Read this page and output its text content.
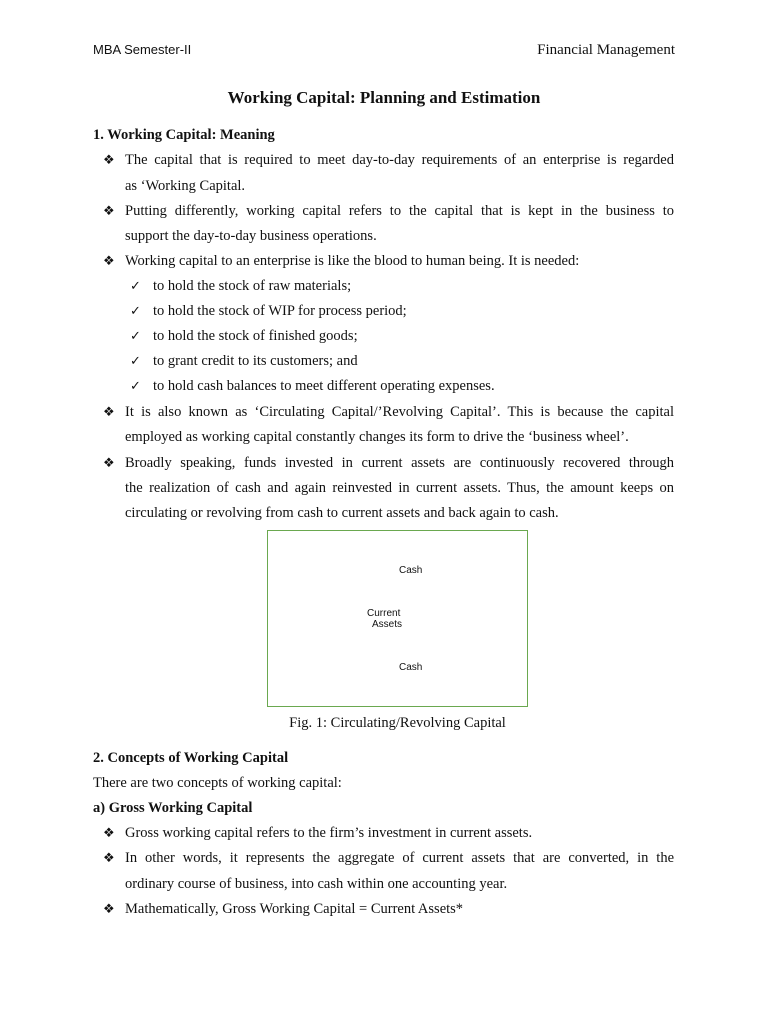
MBA Semester-II	Financial Management
Working Capital: Planning and Estimation
1. Working Capital: Meaning
❖ The capital that is required to meet day-to-day requirements of an enterprise is regarded
as ‘Working Capital.
❖ Putting differently, working capital refers to the capital that is kept in the business to
support the day-to-day business operations.
❖ Working capital to an enterprise is like the blood to human being. It is needed:
✓ to hold the stock of raw materials;
✓ to hold the stock of WIP for process period;
✓ to hold the stock of finished goods;
✓ to grant credit to its customers; and
✓ to hold cash balances to meet different operating expenses.
❖ It is also known as ‘Circulating Capital/’Revolving Capital’. This is because the capital
employed as working capital constantly changes its form to drive the ‘business wheel’.
❖ Broadly speaking, funds invested in current assets are continuously recovered through
the realization of cash and again reinvested in current assets. Thus, the amount keeps on
circulating or revolving from cash to current assets and back again to cash.
Cash
Current
Assets
Cash
Fig. 1: Circulating/Revolving Capital
2. Concepts of Working Capital
There are two concepts of working capital:
a) Gross Working Capital
❖ Gross working capital refers to the firm’s investment in current assets.
❖ In other words, it represents the aggregate of current assets that are converted, in the
ordinary course of business, into cash within one accounting year.
❖ Mathematically, Gross Working Capital = Current Assets*
